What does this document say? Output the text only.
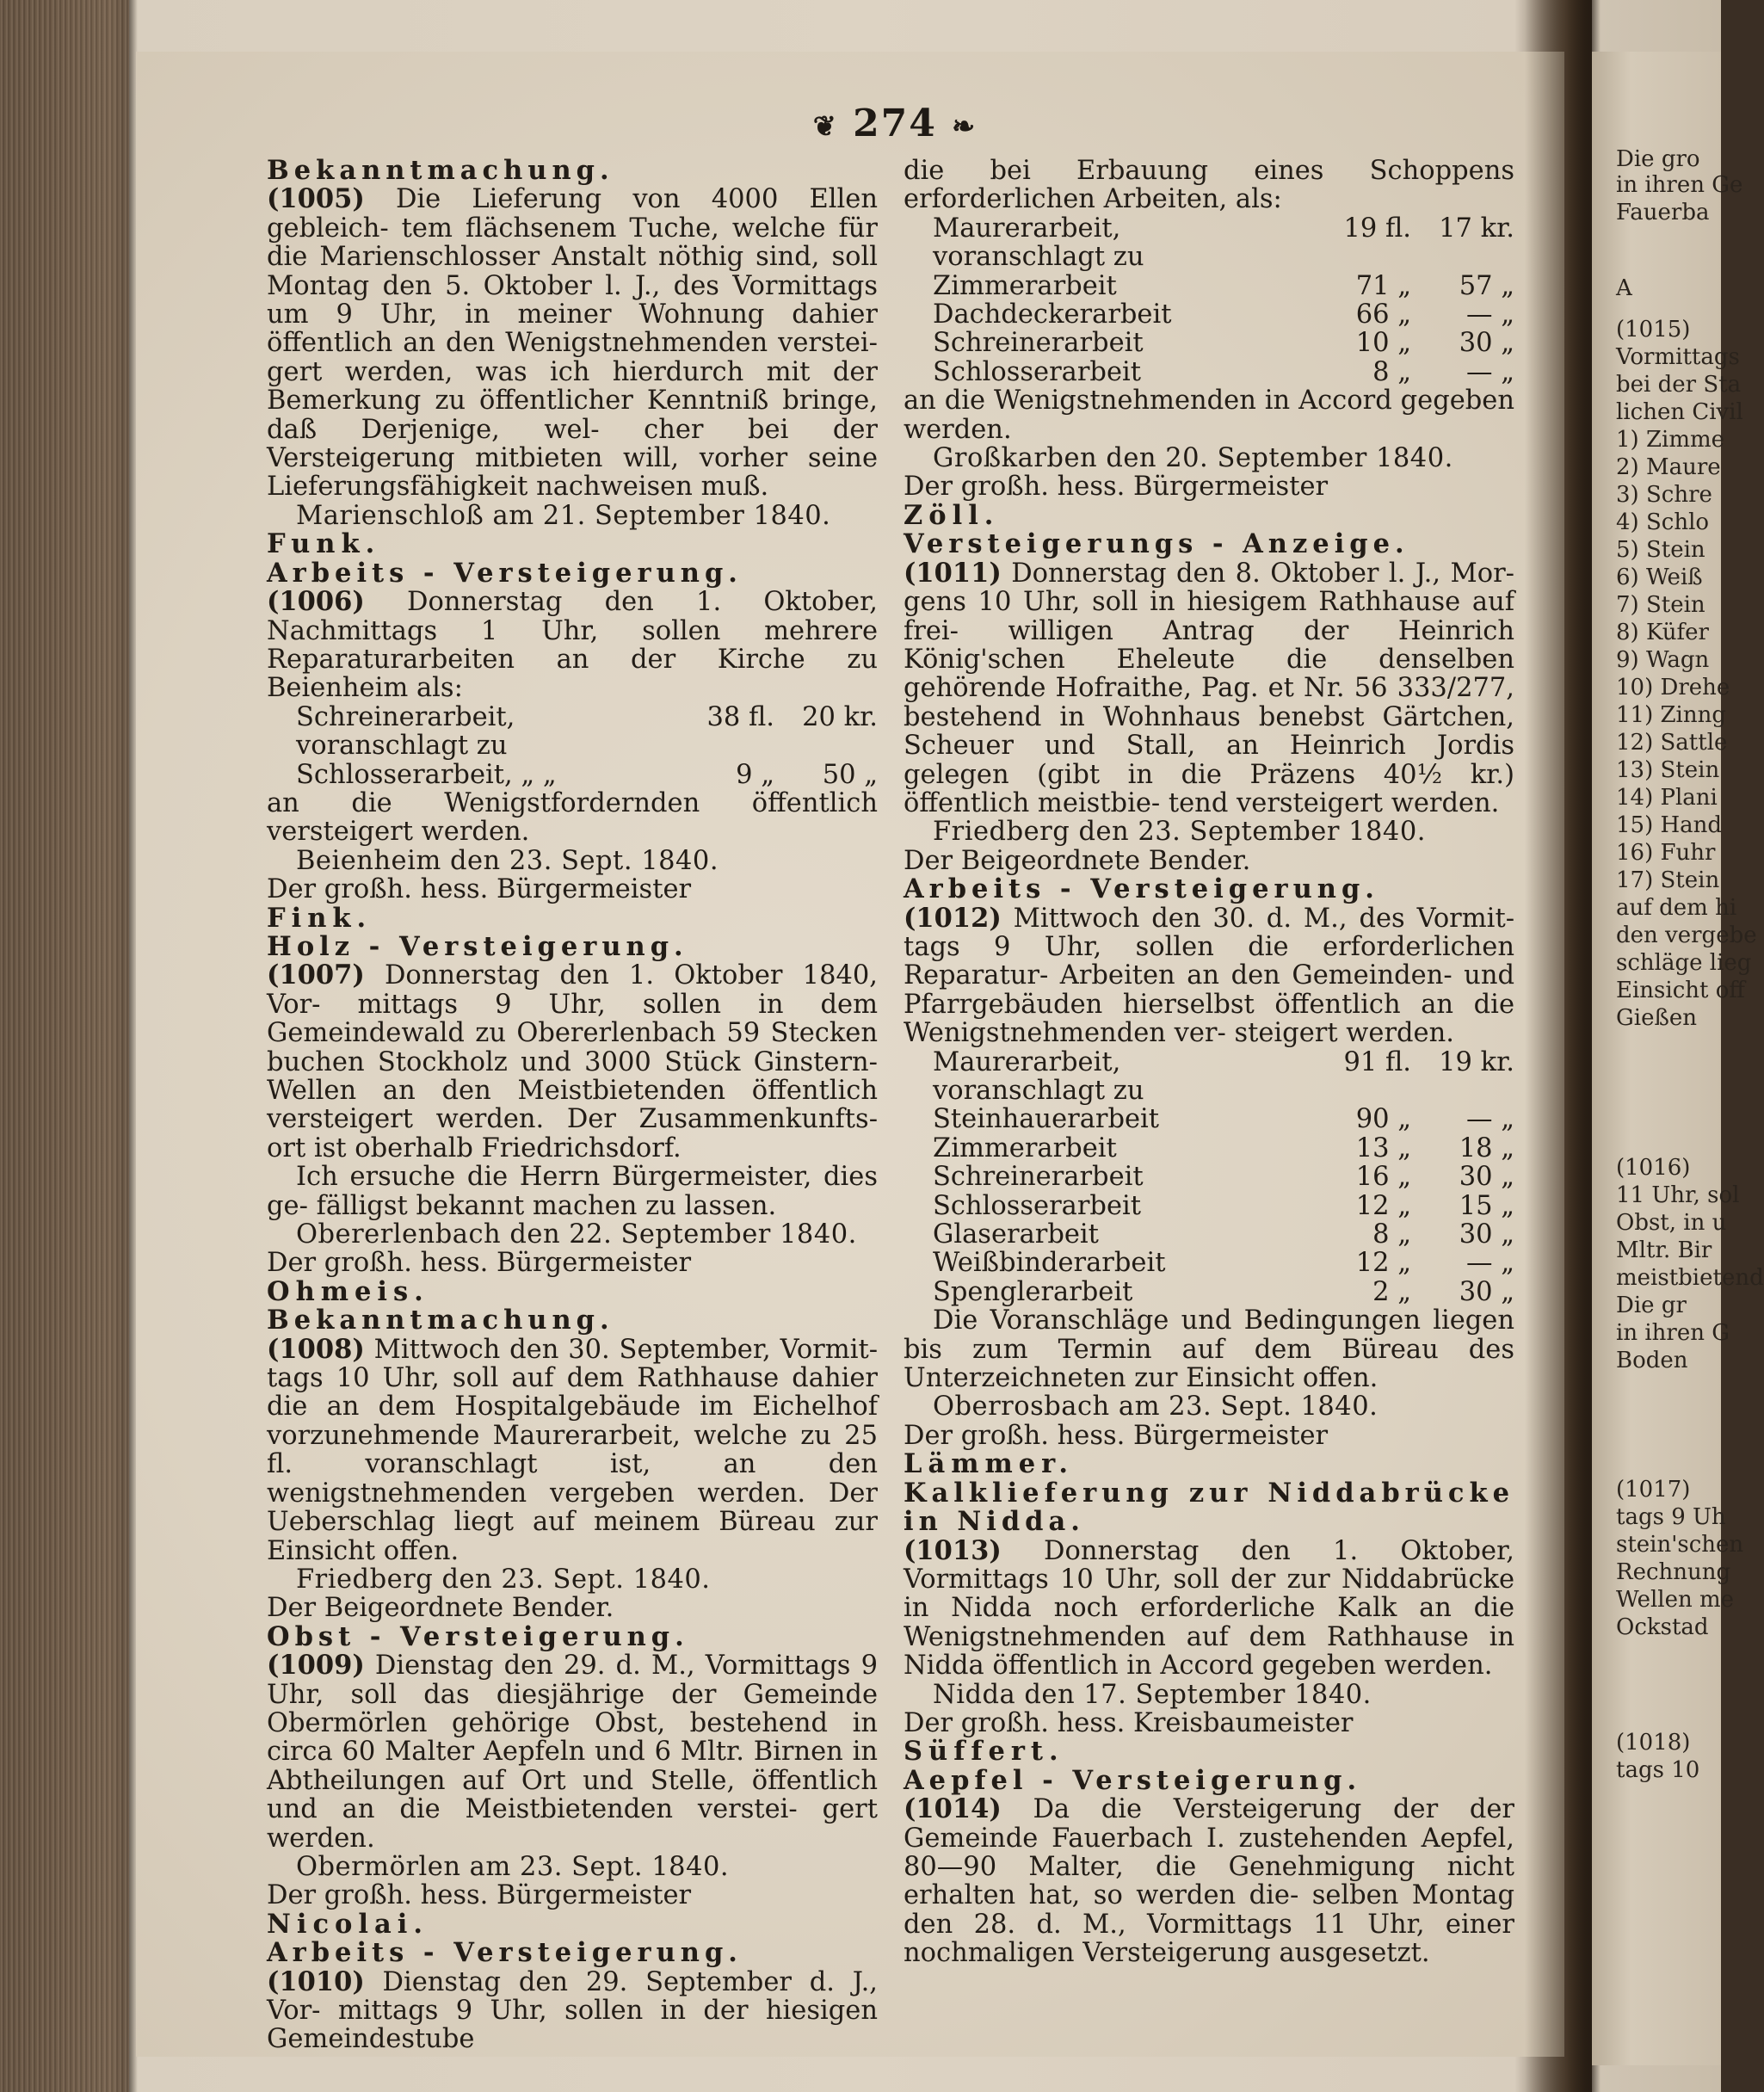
Die gro
in ihren Ge
Fauerba
A
(1015)
Vormittags
bei der Sta
lichen Civil
1) Zimme
2) Maure
3) Schre
4) Schlo
5) Stein
6) Weiß
7) Stein
8) Küfer
9) Wagn
10) Drehe
11) Zinng
12) Sattle
13) Stein
14) Plani
15) Hand
16) Fuhr
17) Stein
auf dem hi
den vergebe
schläge lieg
Einsicht off
Gießen
(1016)
11 Uhr, sol
Obst, in u
Mltr. Bir
meistbietend
Die gr
in ihren G
Boden
(1017)
tags 9 Uh
stein'schen
Rechnung
Wellen me
Ockstad
(1018)
tags 10
❦ 274 ❧

Bekanntmachung.

(1005) Die Lieferung von 4000 Ellen gebleich- tem flächsenem Tuche, welche für die Marienschlosser Anstalt nöthig sind, soll Montag den 5. Oktober l. J., des Vormittags um 9 Uhr, in meiner Wohnung dahier öffentlich an den Wenigstnehmenden verstei- gert werden, was ich hierdurch mit der Bemerkung zu öffentlicher Kenntniß bringe, daß Derjenige, wel- cher bei der Versteigerung mitbieten will, vorher seine Lieferungsfähigkeit nachweisen muß.

Marienschloß am 21. September 1840.

Funk.

Arbeits - Versteigerung.

(1006) Donnerstag den 1. Oktober, Nachmittags 1 Uhr, sollen mehrere Reparaturarbeiten an der Kirche zu Beienheim als:

Schreinerarbeit, voranschlagt zu
38 fl.	20 kr.
Schlosserarbeit, „ „	9 „	50 „

an die Wenigstfordernden öffentlich versteigert werden.

Beienheim den 23. Sept. 1840.

Der großh. hess. Bürgermeister

Fink.

Holz - Versteigerung.

(1007) Donnerstag den 1. Oktober 1840, Vor- mittags 9 Uhr, sollen in dem Gemeindewald zu Obererlenbach 59 Stecken buchen Stockholz und 3000 Stück Ginstern-Wellen an den Meistbietenden öffentlich versteigert werden. Der Zusammenkunfts- ort ist oberhalb Friedrichsdorf.

Ich ersuche die Herrn Bürgermeister, dies ge- fälligst bekannt machen zu lassen.

Obererlenbach den 22. September 1840.

Der großh. hess. Bürgermeister

Ohmeis.

Bekanntmachung.

(1008) Mittwoch den 30. September, Vormit- tags 10 Uhr, soll auf dem Rathhause dahier die an dem Hospitalgebäude im Eichelhof vorzunehmende Maurerarbeit, welche zu 25 fl. voranschlagt ist, an den wenigstnehmenden vergeben werden. Der Ueberschlag liegt auf meinem Büreau zur Einsicht offen.

Friedberg den 23. Sept. 1840.

Der Beigeordnete Bender.

Obst - Versteigerung.

(1009) Dienstag den 29. d. M., Vormittags 9 Uhr, soll das diesjährige der Gemeinde Obermörlen gehörige Obst, bestehend in circa 60 Malter Aepfeln und 6 Mltr. Birnen in Abtheilungen auf Ort und Stelle, öffentlich und an die Meistbietenden verstei- gert werden.

Obermörlen am 23. Sept. 1840.

Der großh. hess. Bürgermeister

Nicolai.

Arbeits - Versteigerung.

(1010) Dienstag den 29. September d. J., Vor- mittags 9 Uhr, sollen in der hiesigen Gemeindestube

die bei Erbauung eines Schoppens erforderlichen Arbeiten, als:

Maurerarbeit, voranschlagt zu
19 fl.	17 kr.
Zimmerarbeit	71 „	57 „
Dachdeckerarbeit	66 „	— „
Schreinerarbeit	10 „	30 „
Schlosserarbeit	8 „	— „

an die Wenigstnehmenden in Accord gegeben werden.

Großkarben den 20. September 1840.

Der großh. hess. Bürgermeister

Zöll.

Versteigerungs - Anzeige.

(1011) Donnerstag den 8. Oktober l. J., Mor- gens 10 Uhr, soll in hiesigem Rathhause auf frei- willigen Antrag der Heinrich König'schen Eheleute die denselben gehörende Hofraithe, Pag. et Nr. 56 333/277, bestehend in Wohnhaus benebst Gärtchen, Scheuer und Stall, an Heinrich Jordis gelegen (gibt in die Präzens 40½ kr.) öffentlich meistbie- tend versteigert werden.

Friedberg den 23. September 1840.

Der Beigeordnete Bender.

Arbeits - Versteigerung.

(1012) Mittwoch den 30. d. M., des Vormit- tags 9 Uhr, sollen die erforderlichen Reparatur- Arbeiten an den Gemeinden- und Pfarrgebäuden hierselbst öffentlich an die Wenigstnehmenden ver- steigert werden.

Maurerarbeit, voranschlagt zu
91 fl.	19 kr.
Steinhauerarbeit	90 „	— „
Zimmerarbeit	13 „	18 „
Schreinerarbeit	16 „	30 „
Schlosserarbeit	12 „	15 „
Glaserarbeit	8 „	30 „
Weißbinderarbeit	12 „	— „
Spenglerarbeit	2 „	30 „

Die Voranschläge und Bedingungen liegen bis zum Termin auf dem Büreau des Unterzeichneten zur Einsicht offen.

Oberrosbach am 23. Sept. 1840.

Der großh. hess. Bürgermeister

Lämmer.

Kalklieferung zur Niddabrücke in Nidda.

(1013) Donnerstag den 1. Oktober, Vormittags 10 Uhr, soll der zur Niddabrücke in Nidda noch erforderliche Kalk an die Wenigstnehmenden auf dem Rathhause in Nidda öffentlich in Accord gegeben werden.

Nidda den 17. September 1840.

Der großh. hess. Kreisbaumeister

Süffert.

Aepfel - Versteigerung.

(1014) Da die Versteigerung der der Gemeinde Fauerbach I. zustehenden Aepfel, 80—90 Malter, die Genehmigung nicht erhalten hat, so werden die- selben Montag den 28. d. M., Vormittags 11 Uhr, einer nochmaligen Versteigerung ausgesetzt.
